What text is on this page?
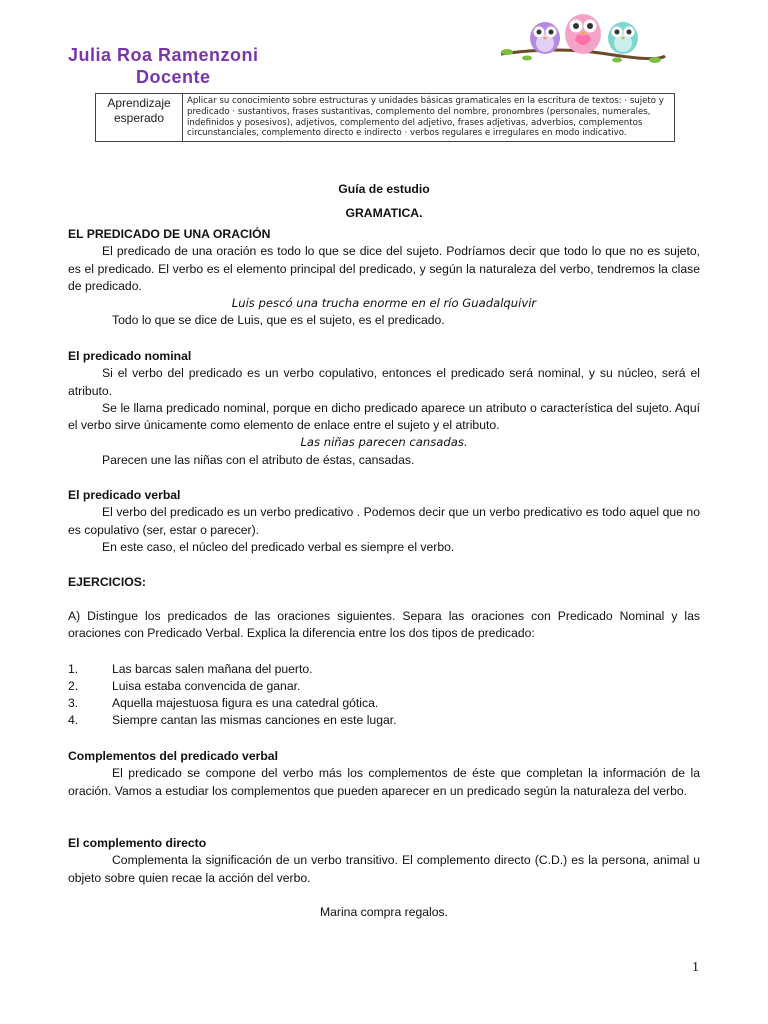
Julia Roa Ramenzoni
Docente
Aprendizaje
esperado
	Aplicar su conocimiento sobre estructuras y unidades básicas gramaticales en la escritura de textos: · sujeto y predicado · sustantivos, frases sustantivas, complemento del nombre, pronombres (personales, numerales, indefinidos y posesivos), adjetivos, complemento del adjetivo, frases adjetivas, adverbios, complementos circunstanciales, complemento directo e indirecto · verbos regulares e irregulares en modo indicativo.
Guía de estudio
GRAMATICA.

EL PREDICADO DE UNA ORACIÓN

El predicado de una oración es todo lo que se dice del sujeto. Podríamos decir que todo lo que no es sujeto, es el predicado. El verbo es el elemento principal del predicado, y según la naturaleza del verbo, tendremos la clase de predicado.

Luis pescó una trucha enorme en el río Guadalquivir

Todo lo que se dice de Luis, que es el sujeto, es el predicado.

El predicado nominal

Si el verbo del predicado es un verbo copulativo, entonces el predicado será nominal, y su núcleo, será el atributo.

Se le llama predicado nominal, porque en dicho predicado aparece un atributo o característica del sujeto. Aquí el verbo sirve únicamente como elemento de enlace entre el sujeto y el atributo.

Las niñas parecen cansadas.

Parecen une las niñas con el atributo de éstas, cansadas.

El predicado verbal

El verbo del predicado es un verbo predicativo . Podemos decir que un verbo predicativo es todo aquel que no es copulativo (ser, estar o parecer).

En este caso, el núcleo del predicado verbal es siempre el verbo.

EJERCICIOS:
A) Distingue los predicados de las oraciones siguientes. Separa las oraciones con Predicado Nominal y las oraciones con Predicado Verbal. Explica la diferencia entre los dos tipos de predicado:
1.	Las barcas salen mañana del puerto.
2.	Luisa estaba convencida de ganar.
3.	Aquella majestuosa figura es una catedral gótica.
4.	Siempre cantan las mismas canciones en este lugar.

Complementos del predicado verbal

El predicado se compone del verbo más los complementos de éste que completan la información de la oración. Vamos a estudiar los complementos que pueden aparecer en un predicado según la naturaleza del verbo.

El complemento directo

Complementa la significación de un verbo transitivo. El complemento directo (C.D.) es la persona, animal u objeto sobre quien recae la acción del verbo.

Marina compra regalos.
1
